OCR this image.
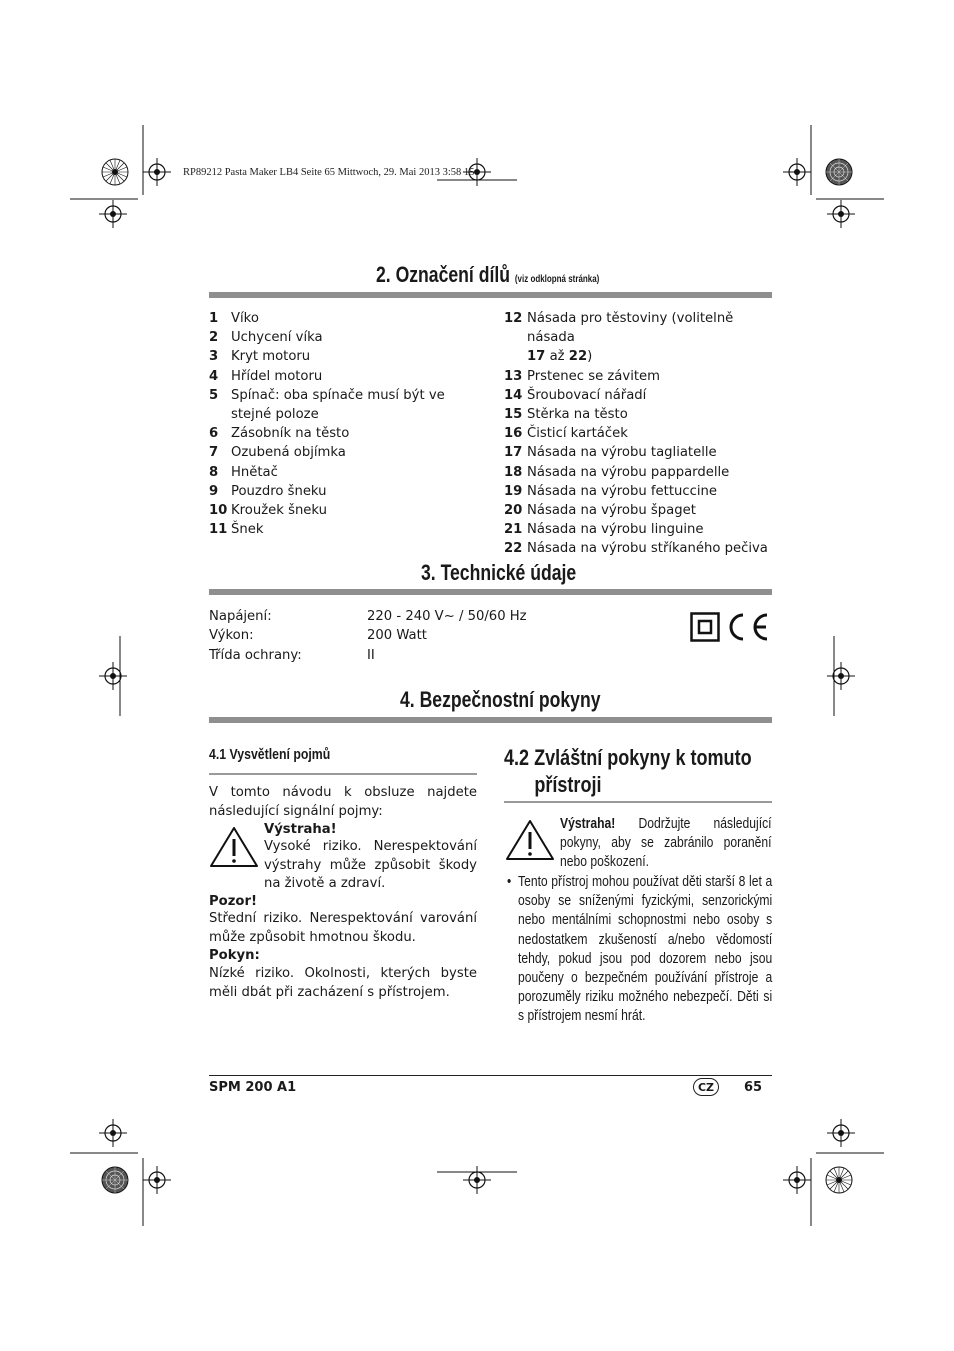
RP89212 Pasta Maker LB4 Seite 65 Mittwoch, 29. Mai 2013 3:58 15
2. Označení dílů (viz odklopná stránka)
1 Víko
2 Uchycení víka
3 Kryt motoru
4 Hřídel motoru
5 Spínač: oba spínače musí být ve stejné poloze
6 Zásobník na těsto
7 Ozubená objímka
8 Hnětač
9 Pouzdro šneku
10 Kroužek šneku
11 Šnek
12 Násada pro těstoviny (volitelně násada
17 až 22)
13 Prstenec se závitem
14 Šroubovací nářadí
15 Stěrka na těsto
16 Čisticí kartáček
17 Násada na výrobu tagliatelle
18 Násada na výrobu pappardelle
19 Násada na výrobu fettuccine
20 Násada na výrobu špaget
21 Násada na výrobu linguine
22 Násada na výrobu stříkaného pečiva
3. Technické údaje
Napájení:	220 - 240 V~ / 50/60 Hz
Výkon:	200 Watt
Třída ochrany:	II
4. Bezpečnostní pokyny
4.1 Vysvětlení pojmů
V tomto návodu k obsluze najdete následující signální pojmy:
Výstraha!
Vysoké riziko. Nerespektování výstrahy může způsobit škody na životě a zdraví.
Pozor!
Střední riziko. Nerespektování varování může způsobit hmotnou škodu.
Pokyn:
Nízké riziko. Okolnosti, kterých byste měli dbát při zacházení s přístrojem.
4.2 Zvláštní pokyny k tomuto
přístroji
Výstraha! Dodržujte následující pokyny, aby se zabránilo poranění nebo poškození.
• Tento přístroj mohou používat děti starší 8 let a osoby se sníženými fyzickými, senzorickými nebo mentálními schopnostmi nebo osoby s nedostatkem zkušeností a/nebo vědomostí tehdy, pokud jsou pod dozorem nebo jsou poučeny o bezpečném používání přístroje a porozuměly riziku možného nebezpečí. Děti si s přístrojem nesmí hrát.
SPM 200 A1	CZ	65
